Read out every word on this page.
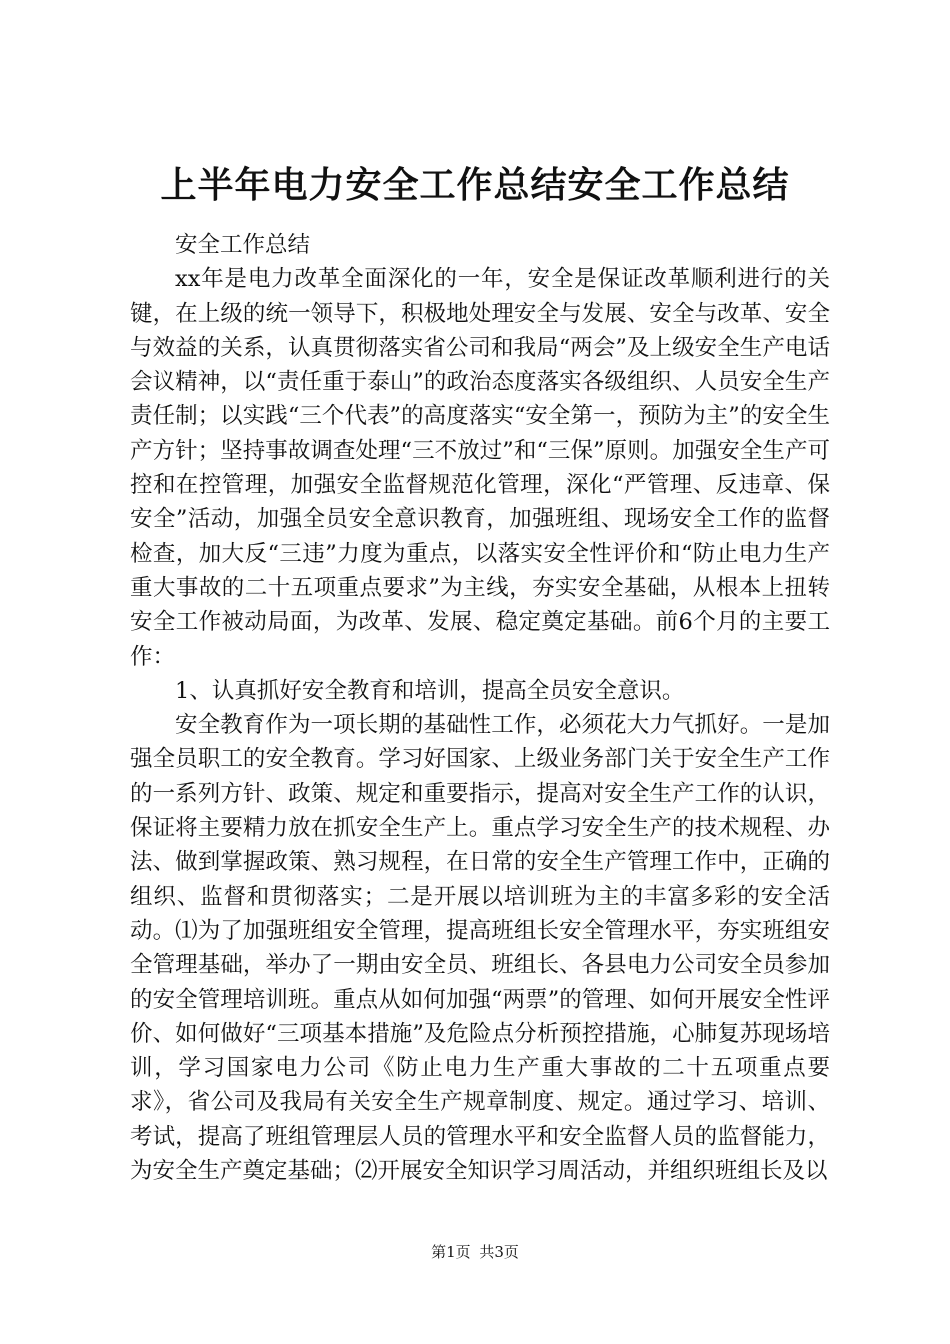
上半年电力安全工作总结安全工作总结

安全工作总结

xx年是电力改革全面深化的一年，安全是保证改革顺利进行的关键，在上级的统一领导下，积极地处理安全与发展、安全与改革、安全与效益的关系，认真贯彻落实省公司和我局“两会”及上级安全生产电话会议精神，以“责任重于泰山”的政治态度落实各级组织、人员安全生产责任制；以实践“三个代表”的高度落实“安全第一，预防为主”的安全生产方针；坚持事故调查处理“三不放过”和“三保”原则。加强安全生产可控和在控管理，加强安全监督规范化管理，深化“严管理、反违章、保安全”活动，加强全员安全意识教育，加强班组、现场安全工作的监督检查，加大反“三违”力度为重点，以落实安全性评价和“防止电力生产重大事故的二十五项重点要求”为主线，夯实安全基础，从根本上扭转安全工作被动局面，为改革、发展、稳定奠定基础。前6个月的主要工作：

1、认真抓好安全教育和培训，提高全员安全意识。

安全教育作为一项长期的基础性工作，必须花大力气抓好。一是加强全员职工的安全教育。学习好国家、上级业务部门关于安全生产工作的一系列方针、政策、规定和重要指示，提高对安全生产工作的认识，保证将主要精力放在抓安全生产上。重点学习安全生产的技术规程、办法、做到掌握政策、熟习规程，在日常的安全生产管理工作中，正确的组织、监督和贯彻落实；二是开展以培训班为主的丰富多彩的安全活动。⑴为了加强班组安全管理，提高班组长安全管理水平，夯实班组安全管理基础，举办了一期由安全员、班组长、各县电力公司安全员参加的安全管理培训班。重点从如何加强“两票”的管理、如何开展安全性评价、如何做好“三项基本措施”及危险点分析预控措施，心肺复苏现场培训，学习国家电力公司《防止电力生产重大事故的二十五项重点要求》，省公司及我局有关安全生产规章制度、规定。通过学习、培训、考试，提高了班组管理层人员的管理水平和安全监督人员的监督能力，为安全生产奠定基础；⑵开展安全知识学习周活动，并组织班组长及以

第1页 共3页
